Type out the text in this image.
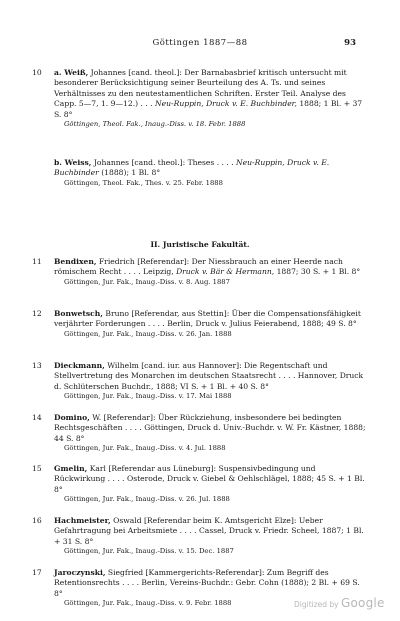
Göttingen 1887—88	93
10	a. Weiß, Johannes [cand. theol.]: Der Barnabasbrief kritisch untersucht mit besonderer Berücksichtigung seiner Beurteilung des A. Ts. und seines Verhältnisses zu den neutestamentlichen Schriften. Erster Teil. Analyse des Capp. 5—7, 1. 9—12.) . . . Neu-Ruppin, Druck v. E. Buchbinder, 1888; 1 Bl. + 37 S. 8°
Göttingen, Theol. Fak., Inaug.-Diss. v. 18. Febr. 1888
b. Weiss, Johannes [cand. theol.]: Theses . . . . Neu-Ruppin, Druck v. E. Buchbinder (1888); 1 Bl. 8°
Göttingen, Theol. Fak., Thes. v. 25. Febr. 1888
II. Juristische Fakultät.
11	Bendixen, Friedrich [Referendar]: Der Niessbrauch an einer Heerde nach römischem Recht . . . . Leipzig, Druck v. Bär & Hermann, 1887; 30 S. + 1 Bl. 8°
Göttingen, Jur. Fak., Inaug.-Diss. v. 8. Aug. 1887
12	Bonwetsch, Bruno [Referendar, aus Stettin]: Über die Compensationsfähigkeit verjährter Forderungen . . . . Berlin, Druck v. Julius Feierabend, 1888; 49 S. 8°
Göttingen, Jur. Fak., Inaug.-Diss. v. 26. Jan. 1888
13	Dieckmann, Wilhelm [cand. iur. aus Hannover]: Die Regentschaft und Stellvertretung des Monarchen im deutschen Staatsrecht . . . . Hannover, Druck d. Schlüterschen Buchdr., 1888; VI S. + 1 Bl. + 40 S. 8°
Göttingen, Jur. Fak., Inaug.-Diss. v. 17. Mai 1888
14	Domino, W. [Referendar]: Über Rückziehung, insbesondere bei bedingten Rechtsgeschäften . . . . Göttingen, Druck d. Univ.-Buchdr. v. W. Fr. Kästner, 1888; 44 S. 8°
Göttingen, Jur. Fak., Inaug.-Diss. v. 4. Jul. 1888
15	Gmelin, Karl [Referendar aus Lüneburg]: Suspensivbedingung und Rückwirkung . . . . Osterode, Druck v. Giebel & Oehlschlägel, 1888; 45 S. + 1 Bl. 8°
Göttingen, Jur. Fak., Inaug.-Diss. v. 26. Jul. 1888
16	Hachmeister, Oswald [Referendar beim K. Amtsgericht Elze]: Ueber Gefahrtragung bei Arbeitsmiete . . . . Cassel, Druck v. Friedr. Scheel, 1887; 1 Bl. + 31 S. 8°
Göttingen, Jur. Fak., Inaug.-Diss. v. 15. Dec. 1887
17	Jaroczynski, Siegfried [Kammergerichts-Referendar]: Zum Begriff des Retentionsrechts . . . . Berlin, Vereins-Buchdr.: Gebr. Cohn (1888); 2 Bl. + 69 S. 8°
Göttingen, Jur. Fak., Inaug.-Diss. v. 9. Febr. 1888	Digitized by Google
